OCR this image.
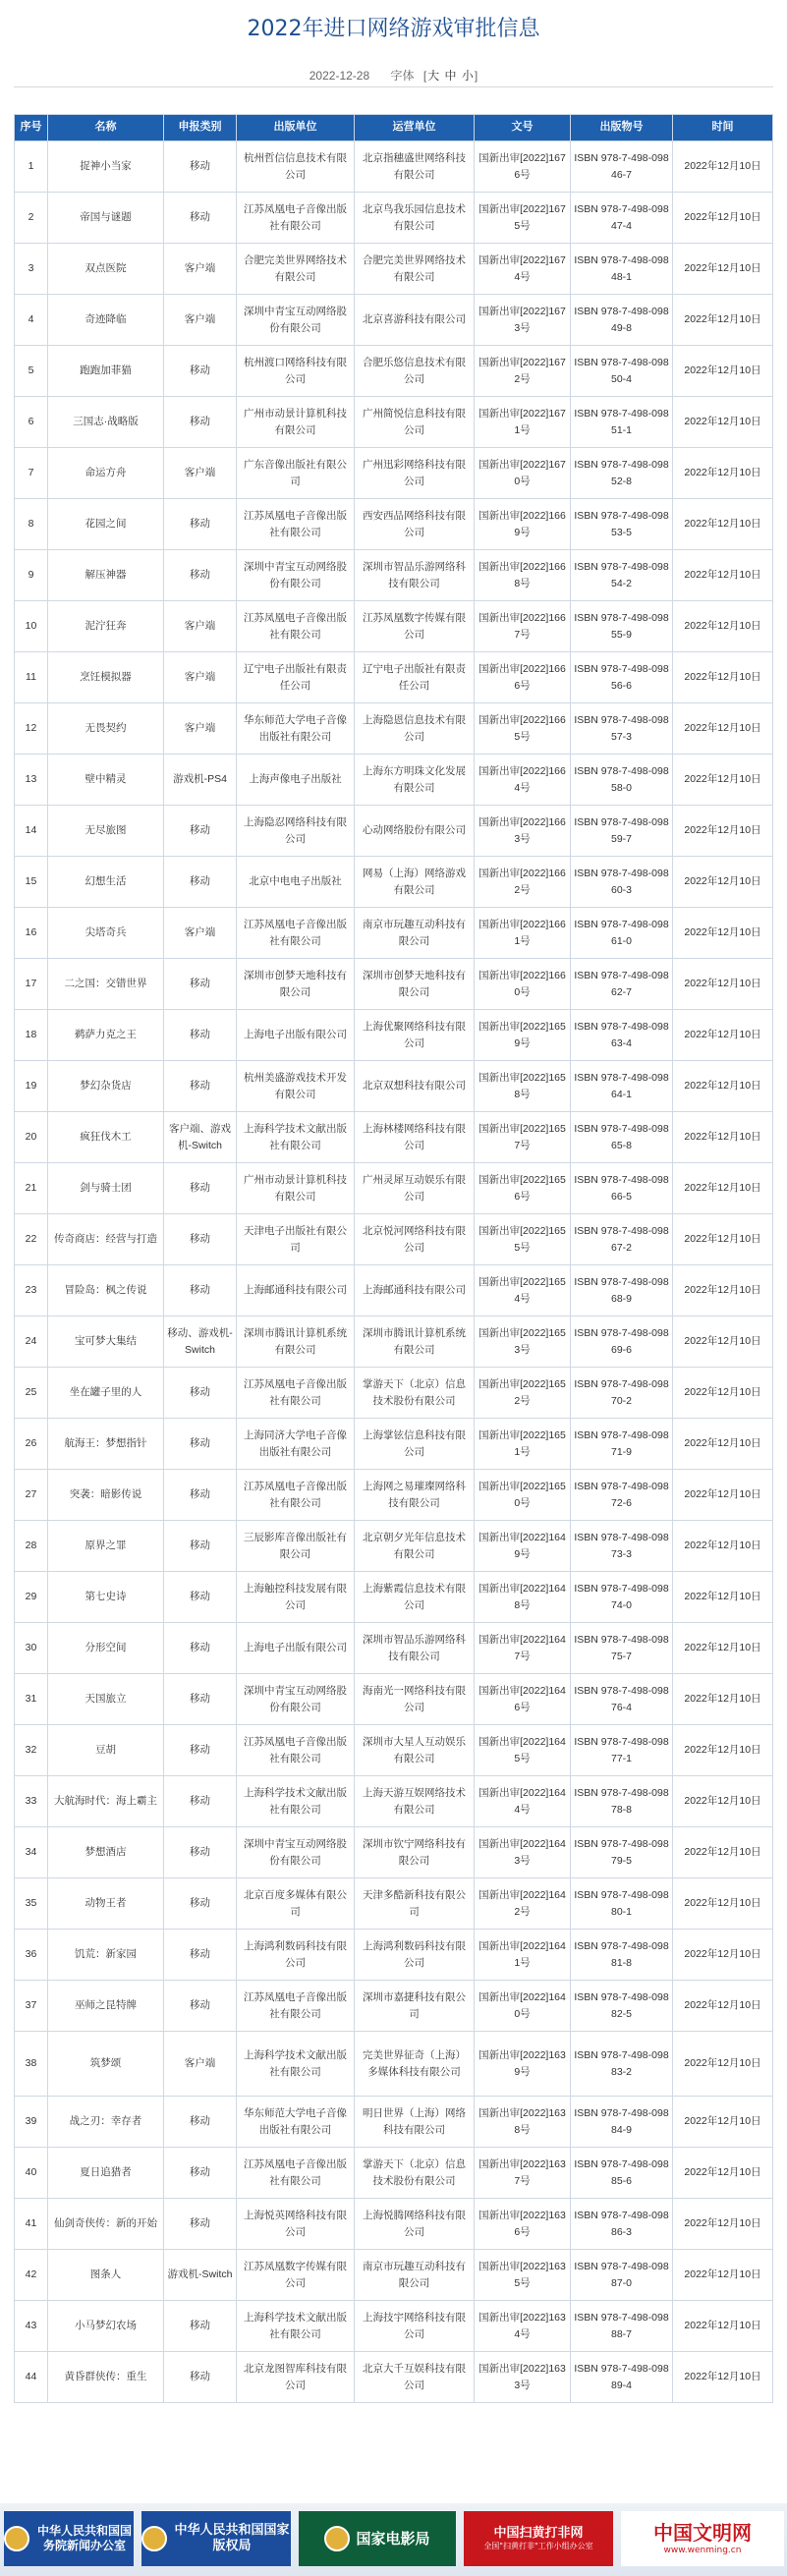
2022年进口网络游戏审批信息
2022-12-28 字体 [大 中 小]
序号	名称	申报类别	出版单位	运营单位	文号	出版物号	时间
1	捉神小当家	移动	杭州哲信信息技术有限公司	北京指穗盛世网络科技有限公司	国新出审[2022]1676号	ISBN 978-7-498-09846-7	2022年12月10日
2	帝国与谜题	移动	江苏凤凰电子音像出版社有限公司	北京鸟我乐园信息技术有限公司	国新出审[2022]1675号	ISBN 978-7-498-09847-4	2022年12月10日
3	双点医院	客户端	合肥完美世界网络技术有限公司	合肥完美世界网络技术有限公司	国新出审[2022]1674号	ISBN 978-7-498-09848-1	2022年12月10日
4	奇迹降临	客户端	深圳中青宝互动网络股份有限公司	北京喜游科技有限公司	国新出审[2022]1673号	ISBN 978-7-498-09849-8	2022年12月10日
5	跑跑加菲猫	移动	杭州渡口网络科技有限公司	合肥乐悠信息技术有限公司	国新出审[2022]1672号	ISBN 978-7-498-09850-4	2022年12月10日
6	三国志·战略版	移动	广州市动景计算机科技有限公司	广州简悦信息科技有限公司	国新出审[2022]1671号	ISBN 978-7-498-09851-1	2022年12月10日
7	命运方舟	客户端	广东音像出版社有限公司	广州迅彩网络科技有限公司	国新出审[2022]1670号	ISBN 978-7-498-09852-8	2022年12月10日
8	花园之间	移动	江苏凤凰电子音像出版社有限公司	西安西品网络科技有限公司	国新出审[2022]1669号	ISBN 978-7-498-09853-5	2022年12月10日
9	解压神器	移动	深圳中青宝互动网络股份有限公司	深圳市智品乐游网络科技有限公司	国新出审[2022]1668号	ISBN 978-7-498-09854-2	2022年12月10日
10	泥泞狂奔	客户端	江苏凤凰电子音像出版社有限公司	江苏凤凰数字传媒有限公司	国新出审[2022]1667号	ISBN 978-7-498-09855-9	2022年12月10日
11	烹饪模拟器	客户端	辽宁电子出版社有限责任公司	辽宁电子出版社有限责任公司	国新出审[2022]1666号	ISBN 978-7-498-09856-6	2022年12月10日
12	无畏契约	客户端	华东师范大学电子音像出版社有限公司	上海隐恩信息技术有限公司	国新出审[2022]1665号	ISBN 978-7-498-09857-3	2022年12月10日
13	壁中精灵	游戏机-PS4	上海声像电子出版社	上海东方明珠文化发展有限公司	国新出审[2022]1664号	ISBN 978-7-498-09858-0	2022年12月10日
14	无尽旅图	移动	上海隐忍网络科技有限公司	心动网络股份有限公司	国新出审[2022]1663号	ISBN 978-7-498-09859-7	2022年12月10日
15	幻想生活	移动	北京中电电子出版社	网易（上海）网络游戏有限公司	国新出审[2022]1662号	ISBN 978-7-498-09860-3	2022年12月10日
16	尖塔奇兵	客户端	江苏凤凰电子音像出版社有限公司	南京市玩趣互动科技有限公司	国新出审[2022]1661号	ISBN 978-7-498-09861-0	2022年12月10日
17	二之国：交错世界	移动	深圳市创梦天地科技有限公司	深圳市创梦天地科技有限公司	国新出审[2022]1660号	ISBN 978-7-498-09862-7	2022年12月10日
18	鹈萨力克之王	移动	上海电子出版有限公司	上海优聚网络科技有限公司	国新出审[2022]1659号	ISBN 978-7-498-09863-4	2022年12月10日
19	梦幻杂货店	移动	杭州美盛游戏技术开发有限公司	北京双想科技有限公司	国新出审[2022]1658号	ISBN 978-7-498-09864-1	2022年12月10日
20	疯狂伐木工	客户端、游戏机-Switch	上海科学技术文献出版社有限公司	上海林楼网络科技有限公司	国新出审[2022]1657号	ISBN 978-7-498-09865-8	2022年12月10日
21	剑与骑士团	移动	广州市动景计算机科技有限公司	广州灵犀互动娱乐有限公司	国新出审[2022]1656号	ISBN 978-7-498-09866-5	2022年12月10日
22	传奇商店：经营与打造	移动	天津电子出版社有限公司	北京悦河网络科技有限公司	国新出审[2022]1655号	ISBN 978-7-498-09867-2	2022年12月10日
23	冒险岛：枫之传说	移动	上海邮通科技有限公司	上海邮通科技有限公司	国新出审[2022]1654号	ISBN 978-7-498-09868-9	2022年12月10日
24	宝可梦大集结	移动、游戏机-Switch	深圳市腾讯计算机系统有限公司	深圳市腾讯计算机系统有限公司	国新出审[2022]1653号	ISBN 978-7-498-09869-6	2022年12月10日
25	坐在罐子里的人	移动	江苏凤凰电子音像出版社有限公司	掌游天下（北京）信息技术股份有限公司	国新出审[2022]1652号	ISBN 978-7-498-09870-2	2022年12月10日
26	航海王：梦想指针	移动	上海同济大学电子音像出版社有限公司	上海掌铉信息科技有限公司	国新出审[2022]1651号	ISBN 978-7-498-09871-9	2022年12月10日
27	突袭：暗影传说	移动	江苏凤凰电子音像出版社有限公司	上海网之易璀璨网络科技有限公司	国新出审[2022]1650号	ISBN 978-7-498-09872-6	2022年12月10日
28	原界之罪	移动	三辰影库音像出版社有限公司	北京朝夕光年信息技术有限公司	国新出审[2022]1649号	ISBN 978-7-498-09873-3	2022年12月10日
29	第七史诗	移动	上海触控科技发展有限公司	上海紫霞信息技术有限公司	国新出审[2022]1648号	ISBN 978-7-498-09874-0	2022年12月10日
30	分形空间	移动	上海电子出版有限公司	深圳市智品乐游网络科技有限公司	国新出审[2022]1647号	ISBN 978-7-498-09875-7	2022年12月10日
31	天国旅立	移动	深圳中青宝互动网络股份有限公司	海南光一网络科技有限公司	国新出审[2022]1646号	ISBN 978-7-498-09876-4	2022年12月10日
32	豆胡	移动	江苏凤凰电子音像出版社有限公司	深圳市大星人互动娱乐有限公司	国新出审[2022]1645号	ISBN 978-7-498-09877-1	2022年12月10日
33	大航海时代：海上霸主	移动	上海科学技术文献出版社有限公司	上海天游互娱网络技术有限公司	国新出审[2022]1644号	ISBN 978-7-498-09878-8	2022年12月10日
34	梦想酒店	移动	深圳中青宝互动网络股份有限公司	深圳市钦宁网络科技有限公司	国新出审[2022]1643号	ISBN 978-7-498-09879-5	2022年12月10日
35	动物王者	移动	北京百度多媒体有限公司	天津多酷新科技有限公司	国新出审[2022]1642号	ISBN 978-7-498-09880-1	2022年12月10日
36	饥荒：新家园	移动	上海鸿利数码科技有限公司	上海鸿利数码科技有限公司	国新出审[2022]1641号	ISBN 978-7-498-09881-8	2022年12月10日
37	巫师之昆特牌	移动	江苏凤凰电子音像出版社有限公司	深圳市嘉捷科技有限公司	国新出审[2022]1640号	ISBN 978-7-498-09882-5	2022年12月10日
38	筑梦颂	客户端	上海科学技术文献出版社有限公司	完美世界征奇（上海）多媒体科技有限公司	国新出审[2022]1639号	ISBN 978-7-498-09883-2	2022年12月10日
39	战之刃：幸存者	移动	华东师范大学电子音像出版社有限公司	明日世界（上海）网络科技有限公司	国新出审[2022]1638号	ISBN 978-7-498-09884-9	2022年12月10日
40	夏日追猎者	移动	江苏凤凰电子音像出版社有限公司	掌游天下（北京）信息技术股份有限公司	国新出审[2022]1637号	ISBN 978-7-498-09885-6	2022年12月10日
41	仙剑奇侠传：新的开始	移动	上海悦英网络科技有限公司	上海悦腾网络科技有限公司	国新出审[2022]1636号	ISBN 978-7-498-09886-3	2022年12月10日
42	图条人	游戏机-Switch	江苏凤凰数字传媒有限公司	南京市玩趣互动科技有限公司	国新出审[2022]1635号	ISBN 978-7-498-09887-0	2022年12月10日
43	小马梦幻农场	移动	上海科学技术文献出版社有限公司	上海技宇网络科技有限公司	国新出审[2022]1634号	ISBN 978-7-498-09888-7	2022年12月10日
44	黄昏群侠传：重生	移动	北京龙图智库科技有限公司	北京大千互娱科技有限公司	国新出审[2022]1633号	ISBN 978-7-498-09889-4	2022年12月10日
中华人民共和国国务院新闻办公室
中华人民共和国国家版权局	国家电影局	中国扫黄打非网
全国"扫黄打非"工作小组办公室
中国文明网
www.wenming.cn
